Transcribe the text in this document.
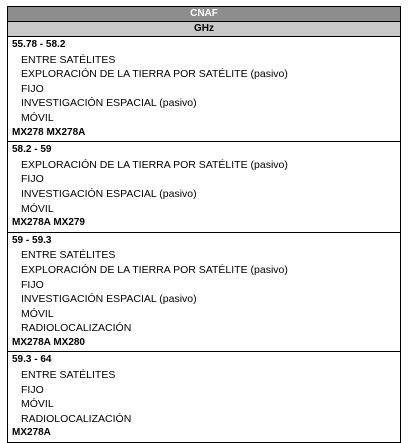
CNAF
GHz
55.78 - 58.2
ENTRE SATÉLITES
EXPLORACIÓN DE LA TIERRA POR SATÉLITE (pasivo)
FIJO
INVESTIGACIÓN ESPACIAL (pasivo)
MÓVIL
MX278 MX278A
58.2 - 59
EXPLORACIÓN DE LA TIERRA POR SATÉLITE (pasivo)
FIJO
INVESTIGACIÓN ESPACIAL (pasivo)
MÓVIL
MX278A MX279
59 - 59.3
ENTRE SATÉLITES
EXPLORACIÓN DE LA TIERRA POR SATÉLITE (pasivo)
FIJO
INVESTIGACIÓN ESPACIAL (pasivo)
MÓVIL
RADIOLOCALIZACIÓN
MX278A MX280
59.3 - 64
ENTRE SATÉLITES
FIJO
MÓVIL
RADIOLOCALIZACIÓN
MX278A
